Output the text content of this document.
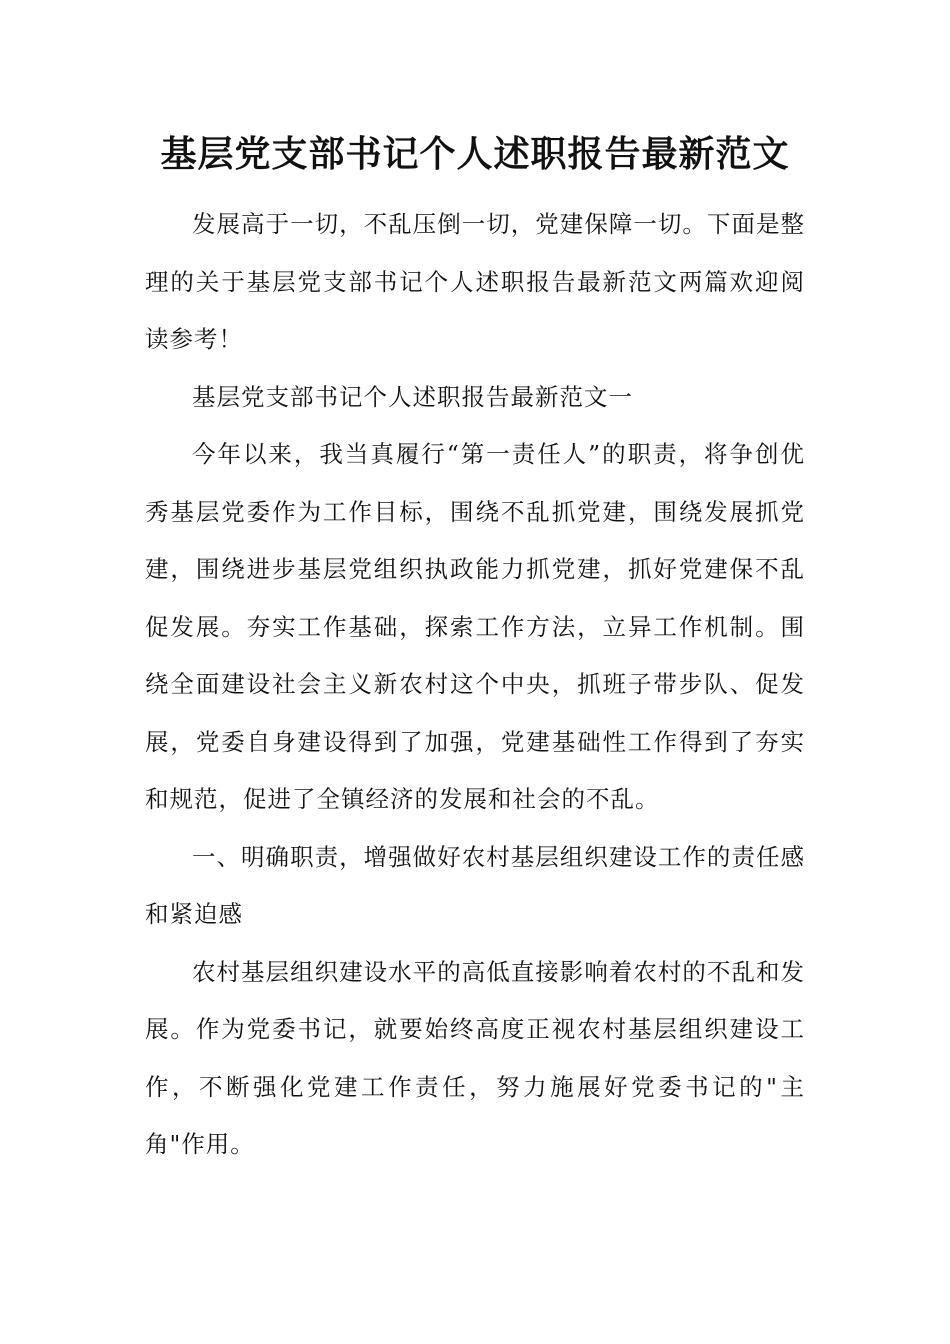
基层党支部书记个人述职报告最新范文

发展高于一切，不乱压倒一切，党建保障一切。下面是整理的关于基层党支部书记个人述职报告最新范文两篇欢迎阅读参考！

基层党支部书记个人述职报告最新范文一

今年以来，我当真履行“第一责任人”的职责，将争创优秀基层党委作为工作目标，围绕不乱抓党建，围绕发展抓党建，围绕进步基层党组织执政能力抓党建，抓好党建保不乱促发展。夯实工作基础，探索工作方法，立异工作机制。围绕全面建设社会主义新农村这个中央，抓班子带步队、促发展，党委自身建设得到了加强，党建基础性工作得到了夯实和规范，促进了全镇经济的发展和社会的不乱。

一、明确职责，增强做好农村基层组织建设工作的责任感和紧迫感

农村基层组织建设水平的高低直接影响着农村的不乱和发展。作为党委书记，就要始终高度正视农村基层组织建设工作，不断强化党建工作责任，努力施展好党委书记的"主角"作用。
